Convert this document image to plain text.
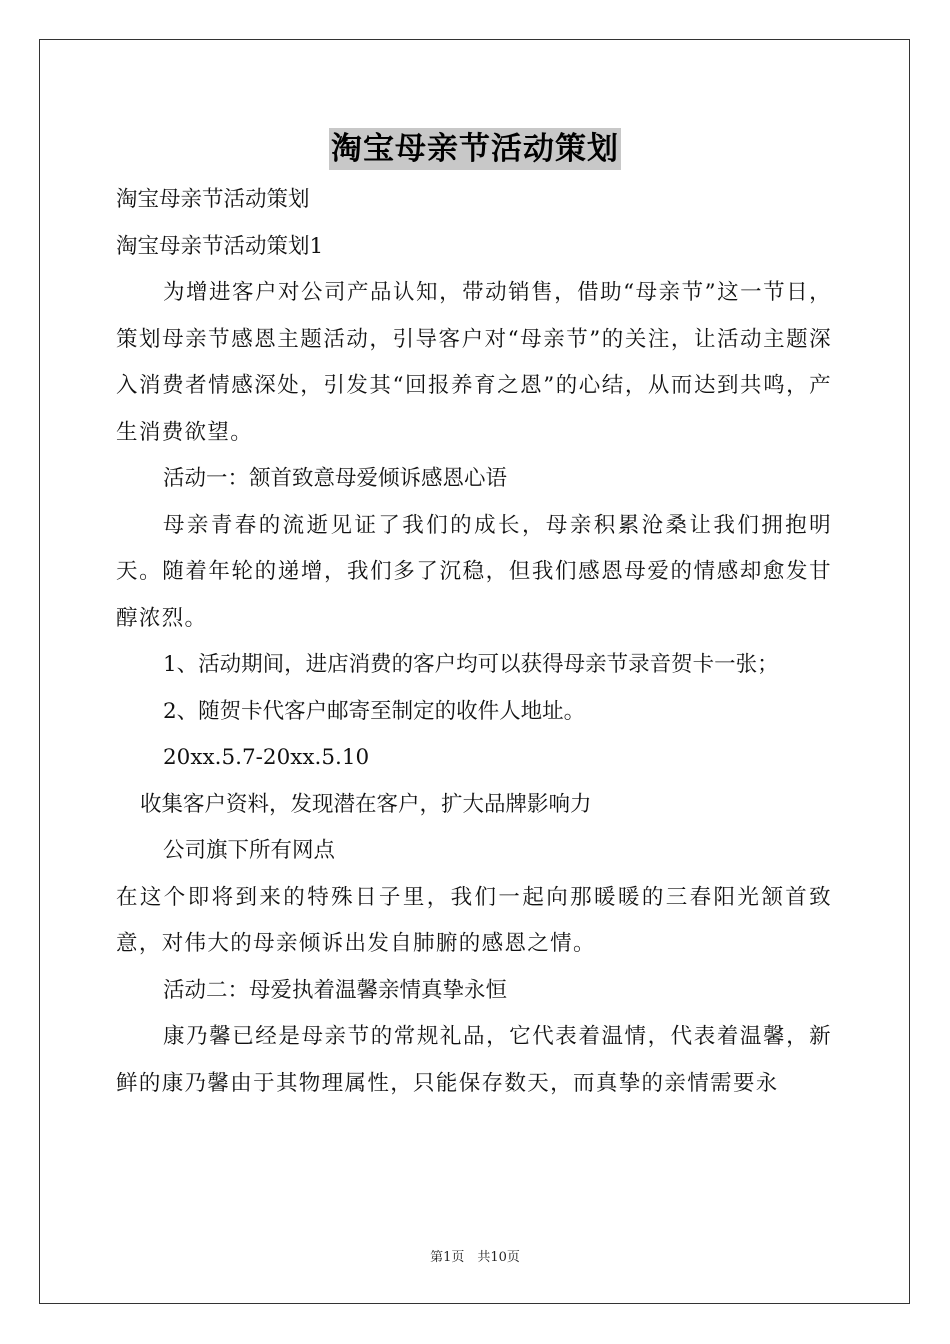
淘宝母亲节活动策划

淘宝母亲节活动策划

淘宝母亲节活动策划1

为增进客户对公司产品认知，带动销售，借助“母亲节”这一节日，策划母亲节感恩主题活动，引导客户对“母亲节”的关注，让活动主题深入消费者情感深处，引发其“回报养育之恩”的心结，从而达到共鸣，产生消费欲望。

活动一：颔首致意母爱倾诉感恩心语

母亲青春的流逝见证了我们的成长，母亲积累沧桑让我们拥抱明天。随着年轮的递增，我们多了沉稳，但我们感恩母爱的情感却愈发甘醇浓烈。

1、活动期间，进店消费的客户均可以获得母亲节录音贺卡一张；

2、随贺卡代客户邮寄至制定的收件人地址。

20xx.5.7-20xx.5.10

收集客户资料，发现潜在客户，扩大品牌影响力

公司旗下所有网点

在这个即将到来的特殊日子里，我们一起向那暖暖的三春阳光颔首致意，对伟大的母亲倾诉出发自肺腑的感恩之情。

活动二：母爱执着温馨亲情真挚永恒

康乃馨已经是母亲节的常规礼品，它代表着温情，代表着温馨，新鲜的康乃馨由于其物理属性，只能保存数天，而真挚的亲情需要永

第1页　共10页
